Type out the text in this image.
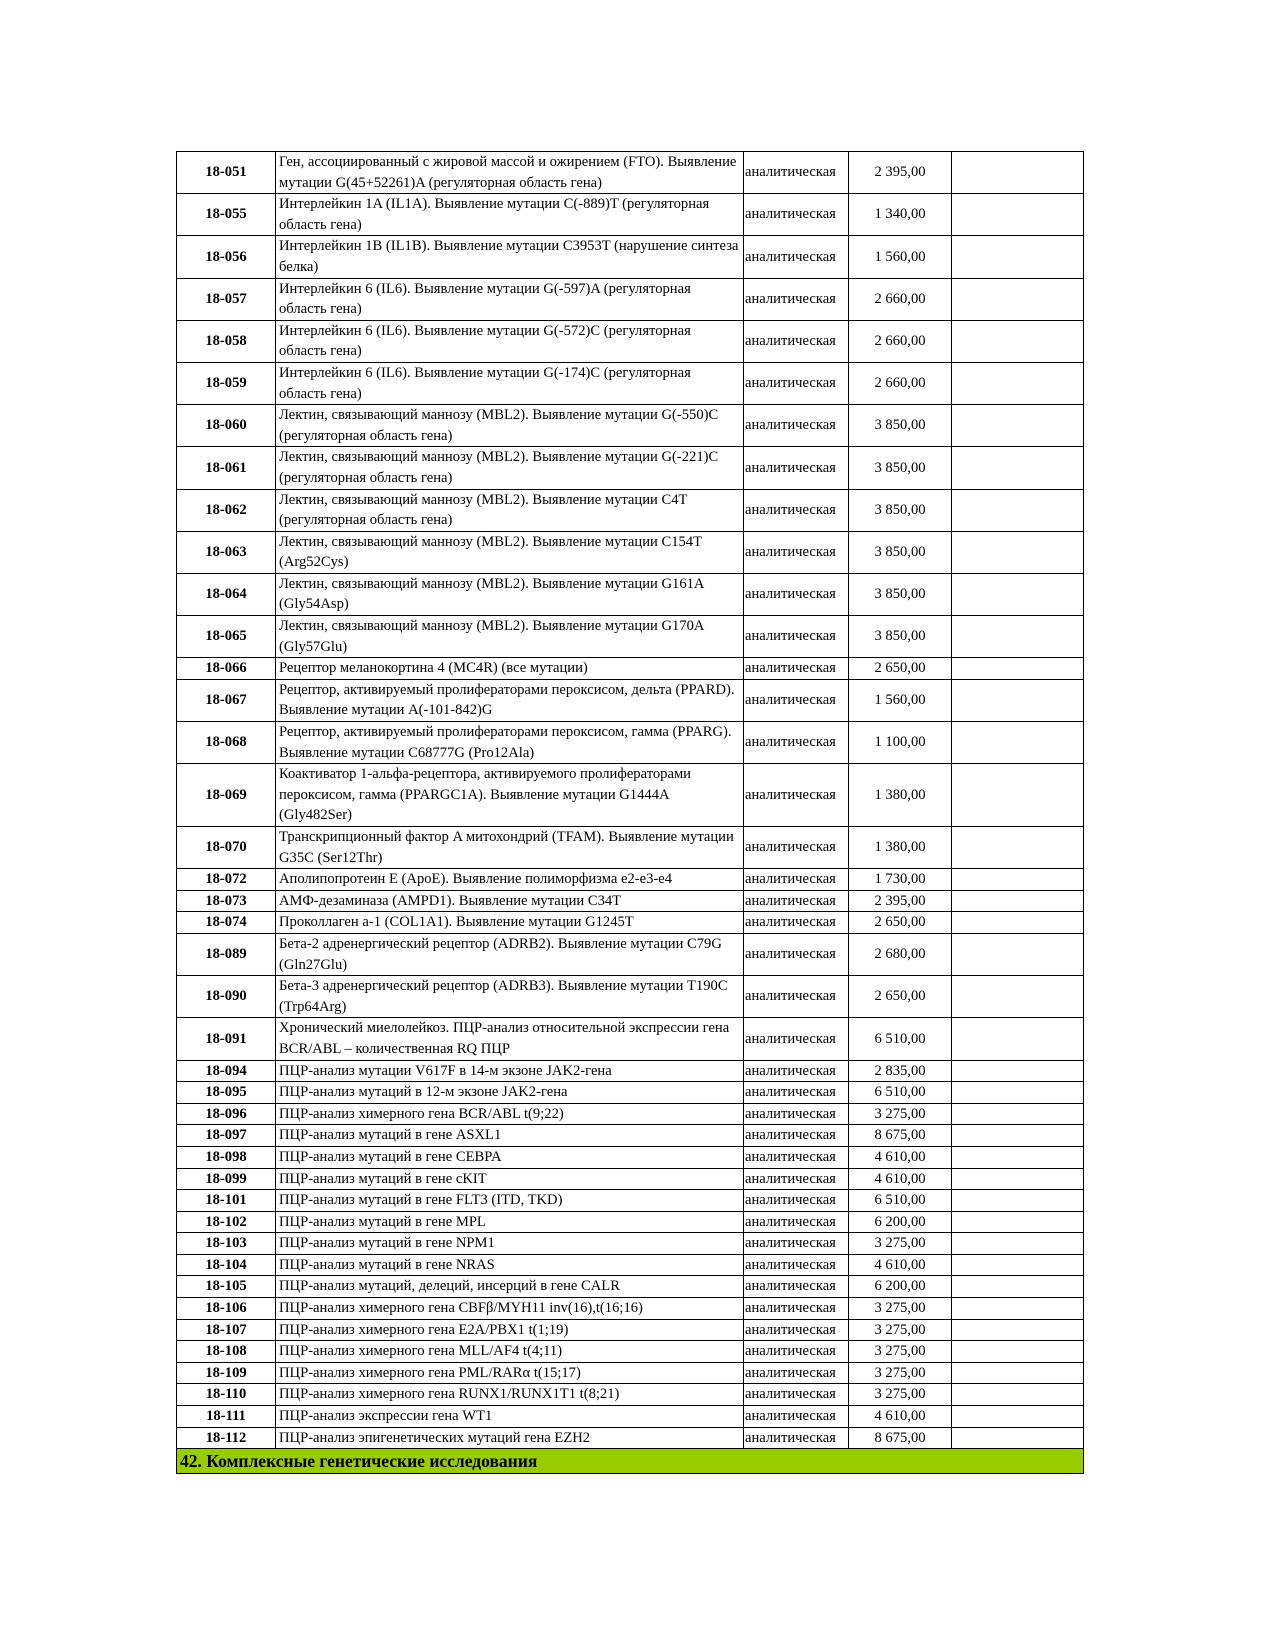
18-051	Ген, ассоциированный с жировой массой и ожирением (FTO). Выявление мутации G(45+52261)A (регуляторная область гена)	аналитическая	2 395,00	
18-055	Интерлейкин 1A (IL1A). Выявление мутации C(-889)T (регуляторная область гена)	аналитическая	1 340,00	
18-056	Интерлейкин 1B (IL1B). Выявление мутации C3953T (нарушение синтеза белка)	аналитическая	1 560,00	
18-057	Интерлейкин 6 (IL6). Выявление мутации G(-597)A (регуляторная область гена)	аналитическая	2 660,00	
18-058	Интерлейкин 6 (IL6). Выявление мутации G(-572)C (регуляторная область гена)	аналитическая	2 660,00	
18-059	Интерлейкин 6 (IL6). Выявление мутации G(-174)C (регуляторная область гена)	аналитическая	2 660,00	
18-060	Лектин, связывающий маннозу (MBL2). Выявление мутации G(-550)C (регуляторная область гена)	аналитическая	3 850,00	
18-061	Лектин, связывающий маннозу (MBL2). Выявление мутации G(-221)C (регуляторная область гена)	аналитическая	3 850,00	
18-062	Лектин, связывающий маннозу (MBL2). Выявление мутации C4T (регуляторная область гена)	аналитическая	3 850,00	
18-063	Лектин, связывающий маннозу (MBL2). Выявление мутации C154T (Arg52Cys)	аналитическая	3 850,00	
18-064	Лектин, связывающий маннозу (MBL2). Выявление мутации G161A (Gly54Asp)	аналитическая	3 850,00	
18-065	Лектин, связывающий маннозу (MBL2). Выявление мутации G170A (Gly57Glu)	аналитическая	3 850,00	
18-066	Рецептор меланокортина 4 (MC4R) (все мутации)	аналитическая	2 650,00	
18-067	Рецептор, активируемый пролифераторами пероксисом, дельта (PPARD). Выявление мутации A(-101-842)G	аналитическая	1 560,00	
18-068	Рецептор, активируемый пролифераторами пероксисом, гамма (PPARG). Выявление мутации C68777G (Pro12Ala)	аналитическая	1 100,00	
18-069	Коактиватор 1-альфа-рецептора, активируемого пролифераторами пероксисом, гамма (PPARGC1A). Выявление мутации G1444A (Gly482Ser)	аналитическая	1 380,00	
18-070	Транскрипционный фактор A митохондрий (TFAM). Выявление мутации G35C (Ser12Thr)	аналитическая	1 380,00	
18-072	Аполипопротеин E (ApoE). Выявление полиморфизма e2-e3-e4	аналитическая	1 730,00	
18-073	АМФ-дезаминаза (AMPD1). Выявление мутации C34T	аналитическая	2 395,00	
18-074	Проколлаген a-1 (COL1A1). Выявление мутации G1245T	аналитическая	2 650,00	
18-089	Бета-2 адренергический рецептор (ADRB2). Выявление мутации C79G (Gln27Glu)	аналитическая	2 680,00	
18-090	Бета-3 адренергический рецептор (ADRB3). Выявление мутации T190C (Trp64Arg)	аналитическая	2 650,00	
18-091	Хронический миелолейкоз. ПЦР-анализ относительной экспрессии гена BCR/ABL – количественная RQ ПЦР	аналитическая	6 510,00	
18-094	ПЦР-анализ мутации V617F в 14-м экзоне JAK2-гена	аналитическая	2 835,00	
18-095	ПЦР-анализ мутаций в 12-м экзоне JAK2-гена	аналитическая	6 510,00	
18-096	ПЦР-анализ химерного гена BCR/ABL t(9;22)	аналитическая	3 275,00	
18-097	ПЦР-анализ мутаций в гене ASXL1	аналитическая	8 675,00	
18-098	ПЦР-анализ мутаций в гене CEBPA	аналитическая	4 610,00	
18-099	ПЦР-анализ мутаций в гене cKIT	аналитическая	4 610,00	
18-101	ПЦР-анализ мутаций в гене FLT3 (ITD, TKD)	аналитическая	6 510,00	
18-102	ПЦР-анализ мутаций в гене MPL	аналитическая	6 200,00	
18-103	ПЦР-анализ мутаций в гене NPM1	аналитическая	3 275,00	
18-104	ПЦР-анализ мутаций в гене NRAS	аналитическая	4 610,00	
18-105	ПЦР-анализ мутаций, делеций, инсерций в гене CALR	аналитическая	6 200,00	
18-106	ПЦР-анализ химерного гена CBFβ/MYH11 inv(16),t(16;16)	аналитическая	3 275,00	
18-107	ПЦР-анализ химерного гена E2A/PBX1 t(1;19)	аналитическая	3 275,00	
18-108	ПЦР-анализ химерного гена MLL/AF4 t(4;11)	аналитическая	3 275,00	
18-109	ПЦР-анализ химерного гена PML/RARα t(15;17)	аналитическая	3 275,00	
18-110	ПЦР-анализ химерного гена RUNX1/RUNX1T1 t(8;21)	аналитическая	3 275,00	
18-111	ПЦР-анализ экспрессии гена WT1	аналитическая	4 610,00	
18-112	ПЦР-анализ эпигенетических мутаций гена EZH2	аналитическая	8 675,00	
42. Комплексные генетические исследования				
